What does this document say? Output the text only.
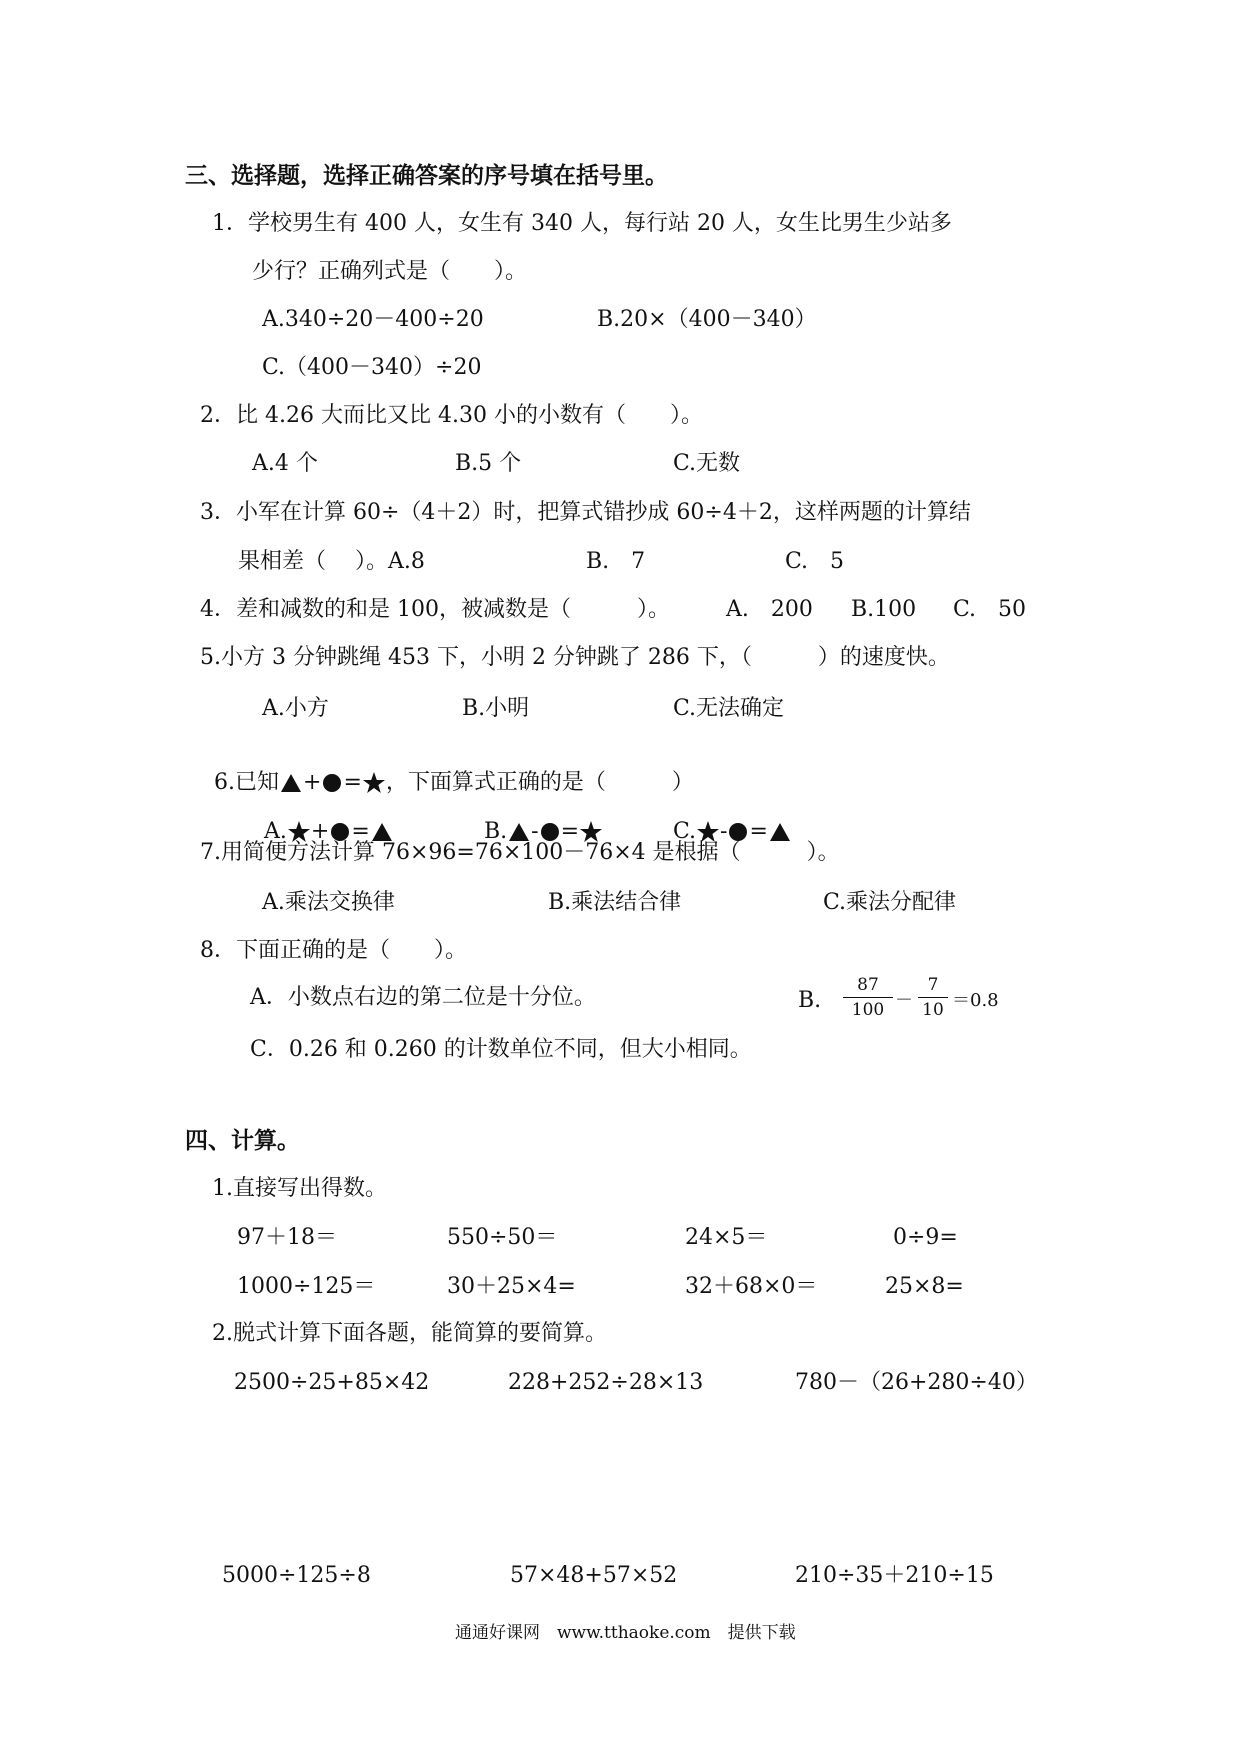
三、选择题，选择正确答案的序号填在括号里。
1．学校男生有 400 人，女生有 340 人，每行站 20 人，女生比男生少站多
少行？正确列式是（　　）。
A.340÷20－400÷20	B.20×（400－340）
C.（400－340）÷20
2．比 4.26 大而比又比 4.30 小的小数有（　　）。
A.4 个	B.5 个	C.无数
3．小军在计算 60÷（4＋2）时，把算式错抄成 60÷4＋2，这样两题的计算结
果相差（　 ）。A.8	B.　7	C.　5
4．差和减数的和是 100，被减数是（　　　）。	A.　200 B.100 C.　50
5.小方 3 分钟跳绳 453 下，小明 2 分钟跳了 286 下，（　　　）的速度快。
A.小方	B.小明	C.无法确定

6.已知 + = ，下面算式正确的是（　　　）

A. + =	B. - =	C. - =

7.用简便方法计算 76×96=76×100－76×4 是根据（　　　）。
A.乘法交换律	B.乘法结合律	C.乘法分配律
8．下面正确的是（　　）。
A．小数点右边的第二位是十分位。	B.
87
100 －
7
10 ＝0.8
C．0.26 和 0.260 的计数单位不同，但大小相同。
四、计算。
1.直接写出得数。
97＋18＝	550÷50＝	24×5＝	0÷9=
1000÷125＝	30＋25×4=	32＋68×0＝	25×8=
2.脱式计算下面各题，能简算的要简算。
2500÷25+85×42	228+252÷28×13	780－（26+280÷40）
5000÷125÷8	57×48+57×52	210÷35＋210÷15
通通好课网　www.tthaoke.com　提供下载
